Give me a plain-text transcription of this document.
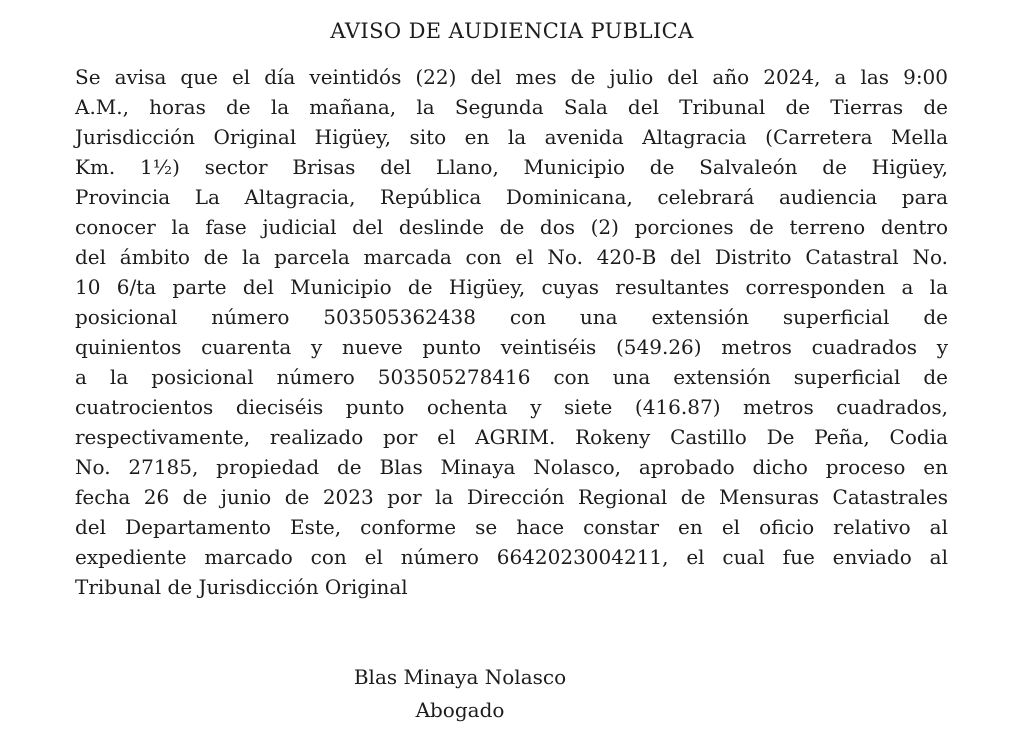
AVISO DE AUDIENCIA PUBLICA
Se avisa que el día veintidós (22) del mes de julio del año 2024, a las 9:00
A.M., horas de la mañana, la Segunda Sala del Tribunal de Tierras de
Jurisdicción Original Higüey, sito en la avenida Altagracia (Carretera Mella
Km. 1½) sector Brisas del Llano, Municipio de Salvaleón de Higüey,
Provincia La Altagracia, República Dominicana, celebrará audiencia para
conocer la fase judicial del deslinde de dos (2) porciones de terreno dentro
del ámbito de la parcela marcada con el No. 420-B del Distrito Catastral No.
10 6/ta parte del Municipio de Higüey, cuyas resultantes corresponden a la
posicional número 503505362438 con una extensión superficial de
quinientos cuarenta y nueve punto veintiséis (549.26) metros cuadrados y
a la posicional número 503505278416 con una extensión superficial de
cuatrocientos dieciséis punto ochenta y siete (416.87) metros cuadrados,
respectivamente, realizado por el AGRIM. Rokeny Castillo De Peña, Codia
No. 27185, propiedad de Blas Minaya Nolasco, aprobado dicho proceso en
fecha 26 de junio de 2023 por la Dirección Regional de Mensuras Catastrales
del Departamento Este, conforme se hace constar en el oficio relativo al
expediente marcado con el número 6642023004211, el cual fue enviado al
Tribunal de Jurisdicción Original
Blas Minaya Nolasco
Abogado
